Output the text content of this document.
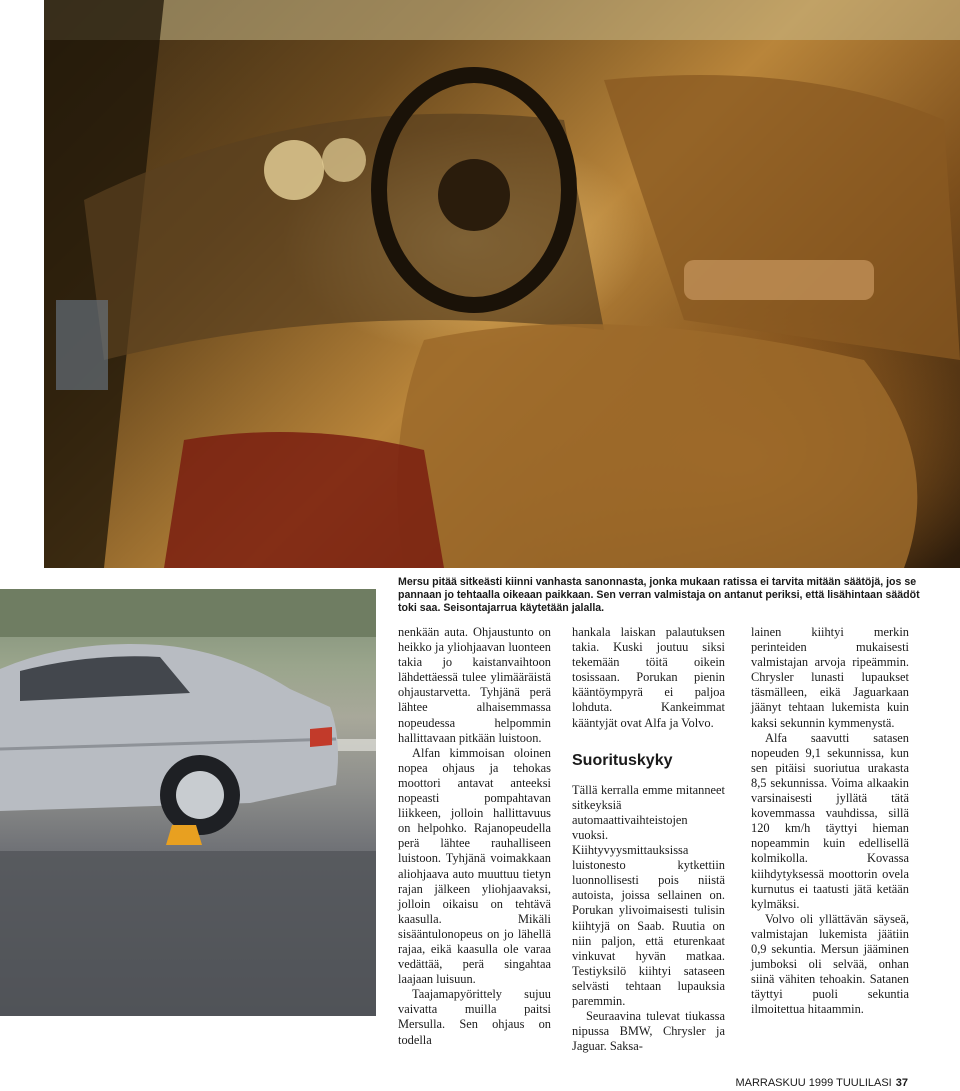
Mersu pitää sitkeästi kiinni vanhasta sanonnasta, jonka mukaan ratissa ei tarvita mitään säätöjä, jos se pannaan jo tehtaalla oikeaan paikkaan. Sen verran valmistaja on antanut periksi, että lisähintaan säädöt toki saa. Seisontajarrua käytetään jalalla.

nenkään auta. Ohjaustunto on heikko ja yliohjaavan luonteen takia jo kaistanvaihtoon lähdettäessä tulee ylimääräistä ohjaustarvetta. Tyhjänä perä lähtee alhaisemmassa nopeudessa helpommin hallittavaan pitkään luistoon.

Alfan kimmoisan oloinen nopea ohjaus ja tehokas moottori antavat anteeksi nopeasti pompahtavan liikkeen, jolloin hallittavuus on helpohko. Rajanopeudella perä lähtee rauhalliseen luistoon. Tyhjänä voimakkaan aliohjaava auto muuttuu tietyn rajan jälkeen yliohjaavaksi, jolloin oikaisu on tehtävä kaasulla. Mikäli sisääntulonopeus on jo lähellä rajaa, eikä kaasulla ole varaa vedättää, perä singahtaa laajaan luisuun.

Taajamapyörittely sujuu vaivatta muilla paitsi Mersulla. Sen ohjaus on todella

hankala laiskan palautuksen takia. Kuski joutuu siksi tekemään töitä oikein tosissaan. Porukan pienin kääntöympyrä ei paljoa lohduta. Kankeimmat kääntyjät ovat Alfa ja Volvo.

Suorituskyky

Tällä kerralla emme mitanneet sitkeyksiä automaattivaihteistojen vuoksi. Kiihtyvyysmittauksissa luistonesto kytkettiin luonnollisesti pois niistä autoista, joissa sellainen on. Porukan ylivoimaisesti tulisin kiihtyjä on Saab. Ruutia on niin paljon, että eturenkaat vinkuvat hyvän matkaa. Testiyksilö kiihtyi sataseen selvästi tehtaan lupauksia paremmin.

Seuraavina tulevat tiukassa nipussa BMW, Chrysler ja Jaguar. Saksa-

lainen kiihtyi merkin perinteiden mukaisesti valmistajan arvoja ripeämmin. Chrysler lunasti lupaukset täsmälleen, eikä Jaguarkaan jäänyt tehtaan lukemista kuin kaksi sekunnin kymmenystä.

Alfa saavutti satasen nopeuden 9,1 sekunnissa, kun sen pitäisi suoriutua urakasta 8,5 sekunnissa. Voima alkaakin varsinaisesti jyllätä tätä kovemmassa vauhdissa, sillä 120 km/h täyttyi hieman nopeammin kuin edellisellä kolmikolla. Kovassa kiihdytyksessä moottorin ovela kurnutus ei taatusti jätä ketään kylmäksi.

Volvo oli yllättävän säyseä, valmistajan lukemista jäätiin 0,9 sekuntia. Mersun jääminen jumboksi oli selvää, onhan siinä vähiten tehoakin. Satanen täyttyi puoli sekuntia ilmoitettua hitaammin.

MARRASKUU 1999 TUULILASI 37
